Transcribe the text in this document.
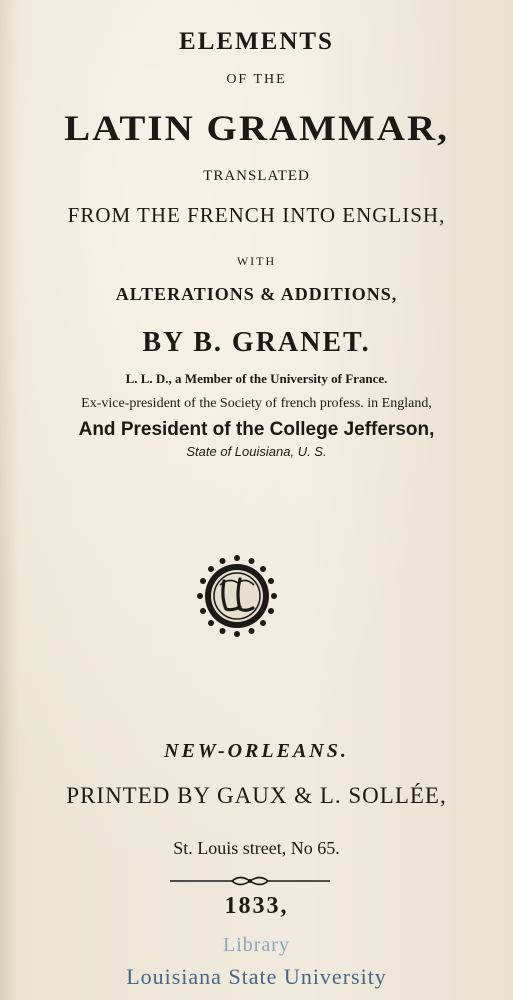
ELEMENTS
OF THE
LATIN GRAMMAR,
TRANSLATED
FROM THE FRENCH INTO ENGLISH,
WITH
ALTERATIONS & ADDITIONS,
BY B. GRANET.
L. L. D., a Member of the University of France.
Ex-vice-president of the Society of french profess. in England,
And President of the College Jefferson,
State of Louisiana, U. S.
NEW-ORLEANS.
PRINTED BY GAUX & L. SOLLÉE,
St. Louis street, No 65.
1833,
Library
Louisiana State University
